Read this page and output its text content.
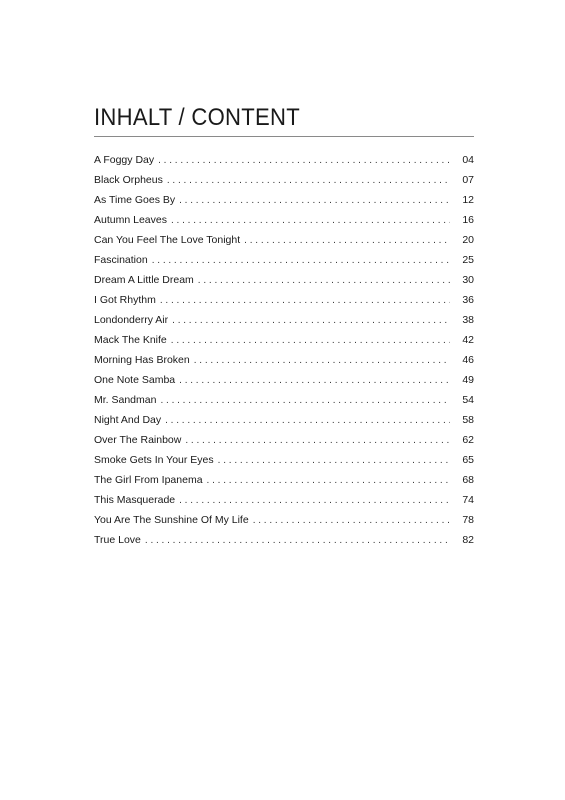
INHALT / CONTENT
A Foggy Day . . .	04
Black Orpheus . . .	07
As Time Goes By . . .	12
Autumn Leaves . . .	16
Can You Feel The Love Tonight . . .	20
Fascination . . .	25
Dream A Little Dream . . .	30
I Got Rhythm . . .	36
Londonderry Air . . .	38
Mack The Knife . . .	42
Morning Has Broken . . .	46
One Note Samba . . .	49
Mr. Sandman . . .	54
Night And Day . . .	58
Over The Rainbow . . .	62
Smoke Gets In Your Eyes . . .	65
The Girl From Ipanema . . .	68
This Masquerade . . .	74
You Are The Sunshine Of My Life . . .	78
True Love . . .	82
